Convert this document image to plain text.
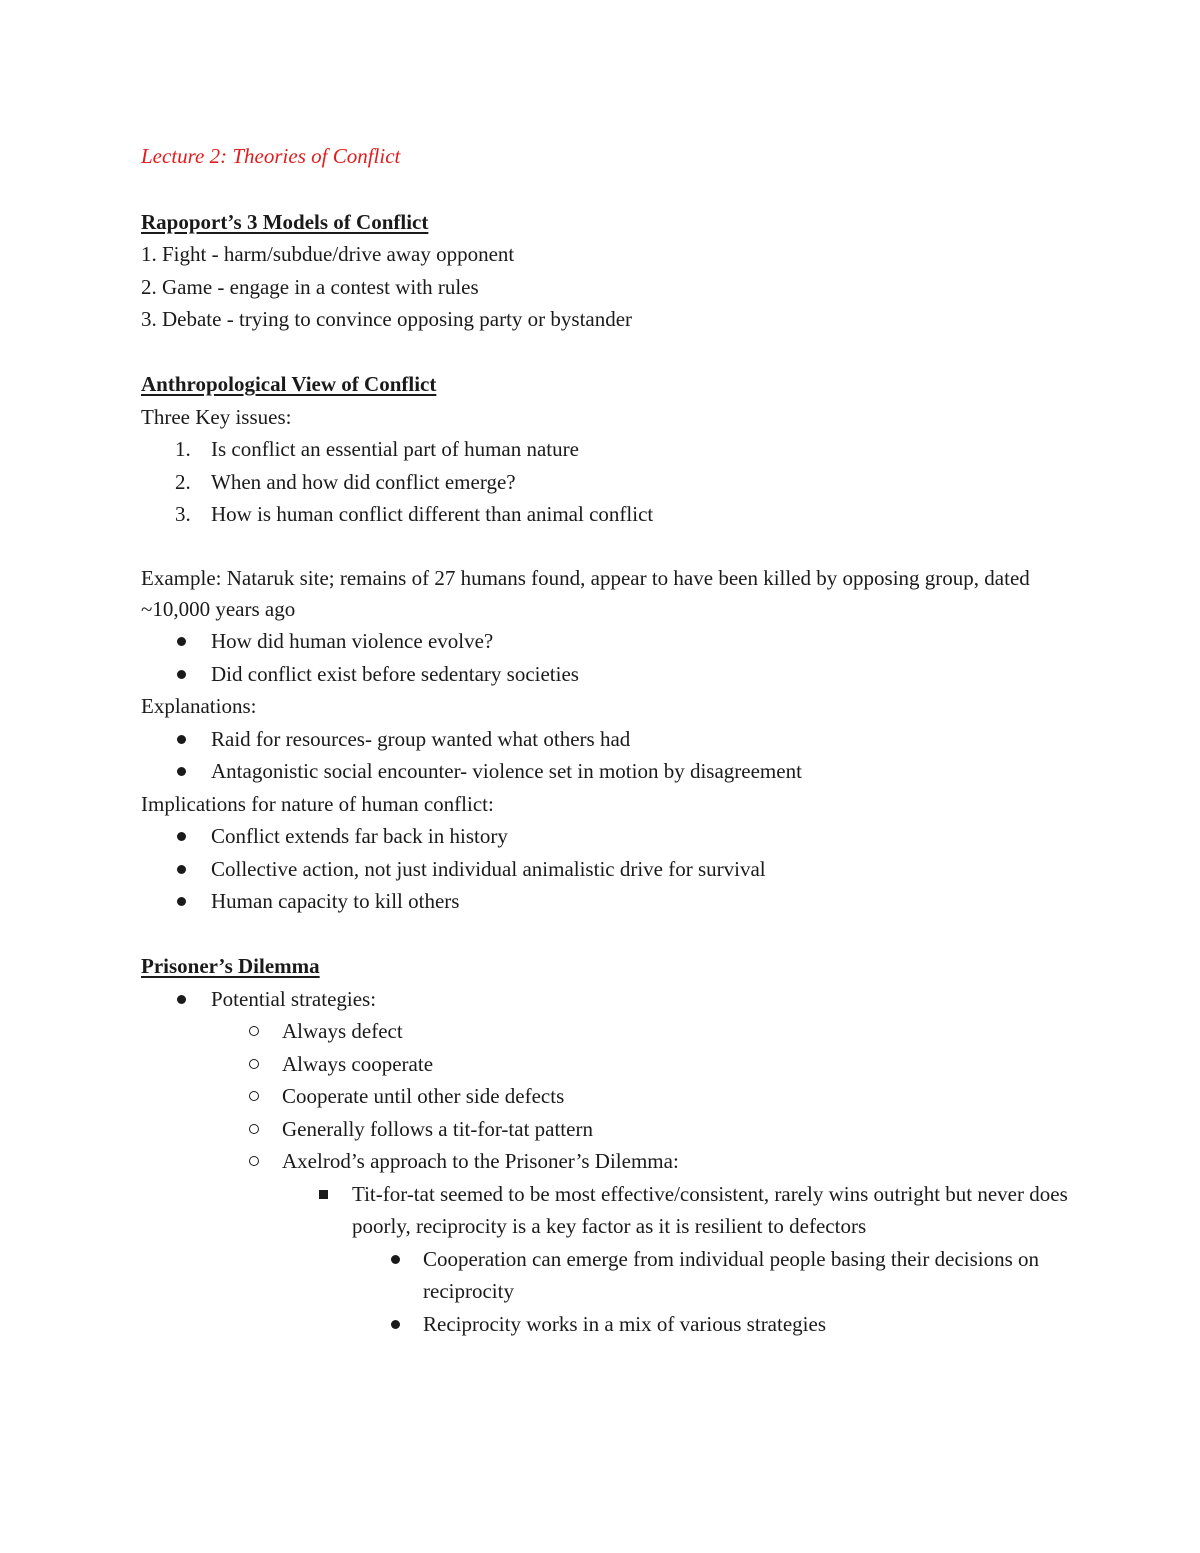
Lecture 2: Theories of Conflict
Rapoport’s 3 Models of Conflict
1. Fight - harm/subdue/drive away opponent
2. Game - engage in a contest with rules
3. Debate - trying to convince opposing party or bystander
Anthropological View of Conflict
Three Key issues:
1. Is conflict an essential part of human nature
2. When and how did conflict emerge?
3. How is human conflict different than animal conflict
Example: Nataruk site; remains of 27 humans found, appear to have been killed by opposing group, dated ~10,000 years ago
How did human violence evolve?
Did conflict exist before sedentary societies
Explanations:
Raid for resources- group wanted what others had
Antagonistic social encounter- violence set in motion by disagreement
Implications for nature of human conflict:
Conflict extends far back in history
Collective action, not just individual animalistic drive for survival
Human capacity to kill others
Prisoner’s Dilemma
Potential strategies:
Always defect
Always cooperate
Cooperate until other side defects
Generally follows a tit-for-tat pattern
Axelrod’s approach to the Prisoner’s Dilemma:
Tit-for-tat seemed to be most effective/consistent, rarely wins outright but never does poorly, reciprocity is a key factor as it is resilient to defectors
Cooperation can emerge from individual people basing their decisions on reciprocity
Reciprocity works in a mix of various strategies
